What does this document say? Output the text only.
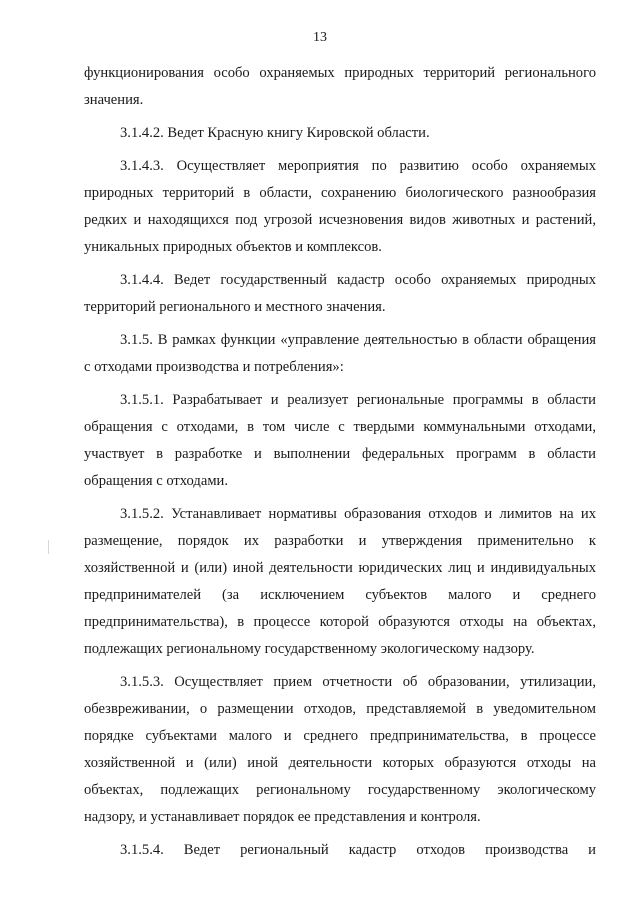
13

функционирования особо охраняемых природных территорий регионального значения.

3.1.4.2. Ведет Красную книгу Кировской области.

3.1.4.3. Осуществляет мероприятия по развитию особо охраняемых природных территорий в области, сохранению биологического разнообразия редких и находящихся под угрозой исчезновения видов животных и растений, уникальных природных объектов и комплексов.

3.1.4.4. Ведет государственный кадастр особо охраняемых природных территорий регионального и местного значения.

3.1.5. В рамках функции «управление деятельностью в области обращения с отходами производства и потребления»:

3.1.5.1. Разрабатывает и реализует региональные программы в области обращения с отходами, в том числе с твердыми коммунальными отходами, участвует в разработке и выполнении федеральных программ в области обращения с отходами.

3.1.5.2. Устанавливает нормативы образования отходов и лимитов на их размещение, порядок их разработки и утверждения применительно к хозяйственной и (или) иной деятельности юридических лиц и индивидуальных предпринимателей (за исключением субъектов малого и среднего предпринимательства), в процессе которой образуются отходы на объектах, подлежащих региональному государственному экологическому надзору.

3.1.5.3. Осуществляет прием отчетности об образовании, утилизации, обезвреживании, о размещении отходов, представляемой в уведомительном порядке субъектами малого и среднего предпринимательства, в процессе хозяйственной и (или) иной деятельности которых образуются отходы на объектах, подлежащих региональному государственному экологическому надзору, и устанавливает порядок ее представления и контроля.

3.1.5.4. Ведет региональный кадастр отходов производства и
